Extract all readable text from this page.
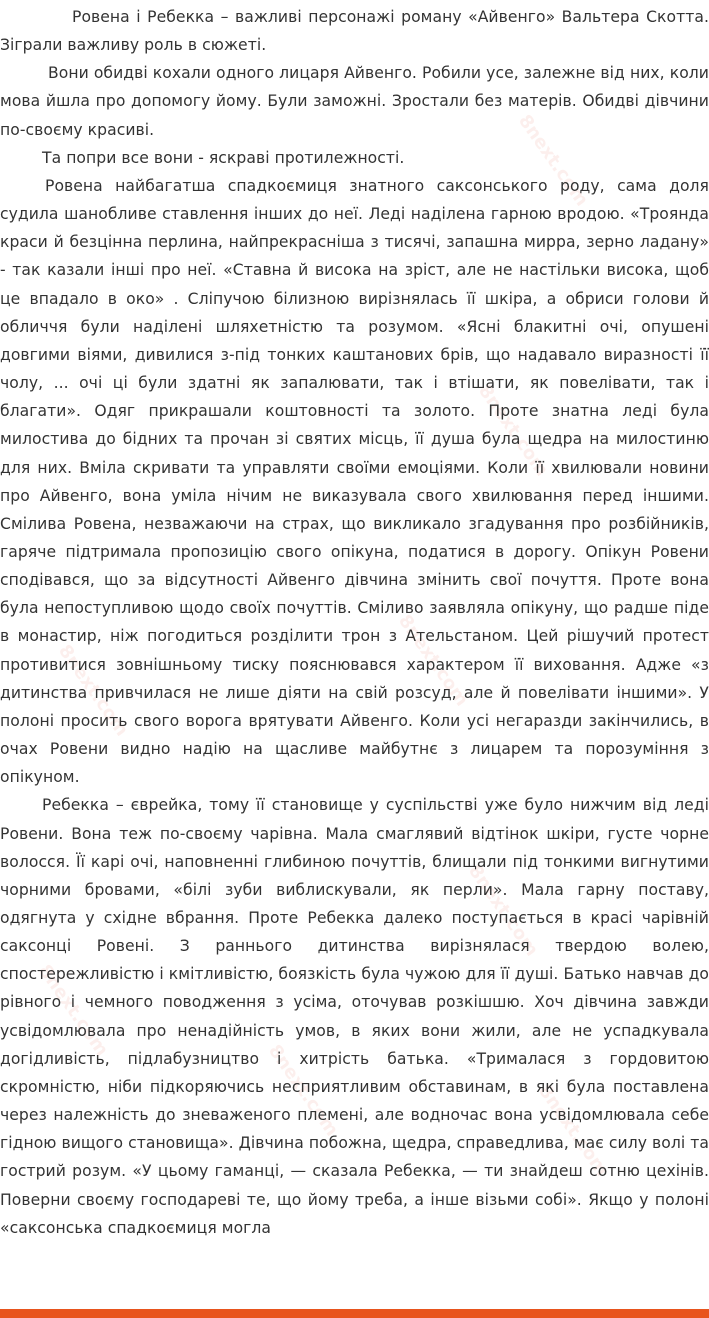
8next.com
8next.com
8next.com
8next.com
8next.com
8next.com
8next.com
8next.com

Ровена і Ребекка – важливі персонажі роману «Айвенго» Вальтера Скотта. Зіграли важливу роль в сюжеті.

Вони обидві кохали одного лицаря Айвенго. Робили усе, залежне від них, коли мова йшла про допомогу йому. Були заможні. Зростали без матерів. Обидві дівчини по-своєму красиві.

Та попри все вони - яскраві протилежності.

Ровена найбагатша спадкоємиця знатного саксонського роду, сама доля судила шанобливе ставлення інших до неї. Леді наділена гарною вродою. «Троянда краси й безцінна перлина, найпрекрасніша з тисячі, запашна мирра, зерно ладану» - так казали інші про неї. «Ставна й висока на зріст, але не настільки висока, щоб це впадало в око» . Сліпучою білизною вирізнялась її шкіра, а обриси голови й обличчя були наділені шляхетністю та розумом. «Ясні блакитні очі, опушені довгими віями, дивилися з-під тонких каштанових брів, що надавало виразності її чолу, ... очі ці були здатні як запалювати, так і втішати, як повелівати, так і благати». Одяг прикрашали коштовності та золото. Проте знатна леді була милостива до бідних та прочан зі святих місць, її душа була щедра на милостиню для них. Вміла скривати та управляти своїми емоціями. Коли її хвилювали новини про Айвенго, вона уміла нічим не виказувала свого хвилювання перед іншими. Смілива Ровена, незважаючи на страх, що викликало згадування про розбійників, гаряче підтримала пропозицію свого опікуна, податися в дорогу. Опікун Ровени сподівався, що за відсутності Айвенго дівчина змінить свої почуття. Проте вона була непоступливою щодо своїх почуттів. Сміливо заявляла опікуну, що радше піде в монастир, ніж погодиться розділити трон з Ательстаном. Цей рішучий протест противитися зовнішньому тиску пояснювався характером її виховання. Адже «з дитинства привчилася не лише діяти на свій розсуд, але й повелівати іншими». У полоні просить свого ворога врятувати Айвенго. Коли усі негаразди закінчились, в очах Ровени видно надію на щасливе майбутнє з лицарем та порозуміння з опікуном.

Ребекка – єврейка, тому її становище у суспільстві уже було нижчим від леді Ровени. Вона теж по-своєму чарівна. Мала смаглявий відтінок шкіри, густе чорне волосся. Її карі очі, наповненні глибиною почуттів, блищали під тонкими вигнутими чорними бровами, «білі зуби виблискували, як перли». Мала гарну поставу, одягнута у східне вбрання. Проте Ребекка далеко поступається в красі чарівній саксонці Ровені. З раннього дитинства вирізнялася твердою волею, спостережливістю і кмітливістю, боязкість була чужою для її душі. Батько навчав до рівного і чемного поводження з усіма, оточував розкішшю. Хоч дівчина завжди усвідомлювала про ненадійність умов, в яких вони жили, але не успадкувала догідливість, підлабузництво і хитрість батька. «Трималася з гордовитою скромністю, ніби підкоряючись несприятливим обставинам, в які була поставлена через належність до зневаженого племені, але водночас вона усвідомлювала себе гідною вищого становища». Дівчина побожна, щедра, справедлива, має силу волі та гострий розум. «У цьому гаманці, — сказала Ребекка, — ти знайдеш сотню цехінів. Поверни своєму господареві те, що йому треба, а інше візьми собі». Якщо у полоні «саксонська спадкоємиця могла
